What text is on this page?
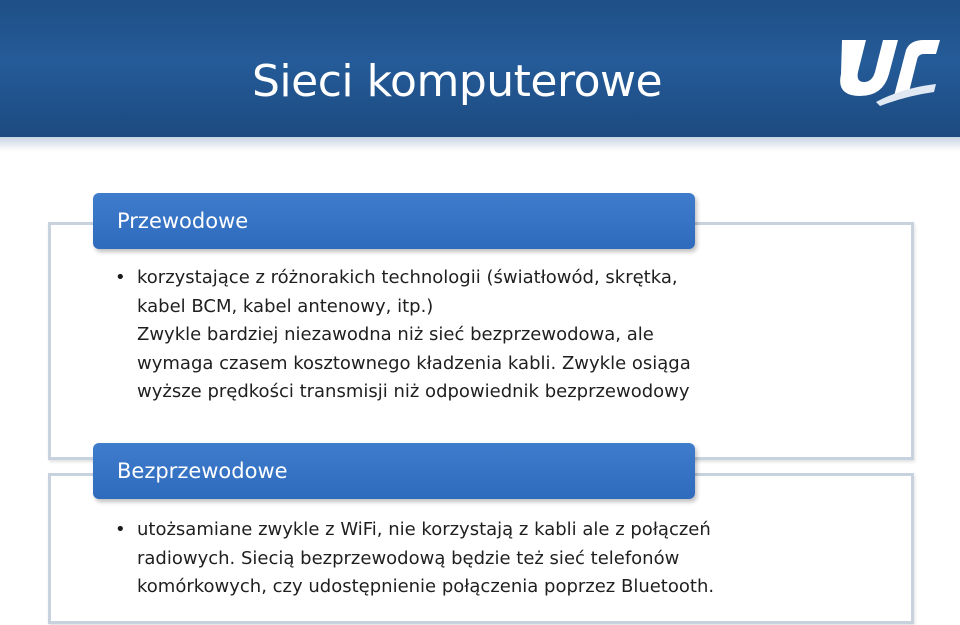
Sieci komputerowe
Przewodowe
• korzystające z różnorakich technologii (światłowód, skrętka,
kabel BCM, kabel antenowy, itp.)
Zwykle bardziej niezawodna niż sieć bezprzewodowa, ale
wymaga czasem kosztownego kładzenia kabli. Zwykle osiąga
wyższe prędkości transmisji niż odpowiednik bezprzewodowy
Bezprzewodowe
• utożsamiane zwykle z WiFi, nie korzystają z kabli ale z połączeń
radiowych. Siecią bezprzewodową będzie też sieć telefonów
komórkowych, czy udostępnienie połączenia poprzez Bluetooth.
